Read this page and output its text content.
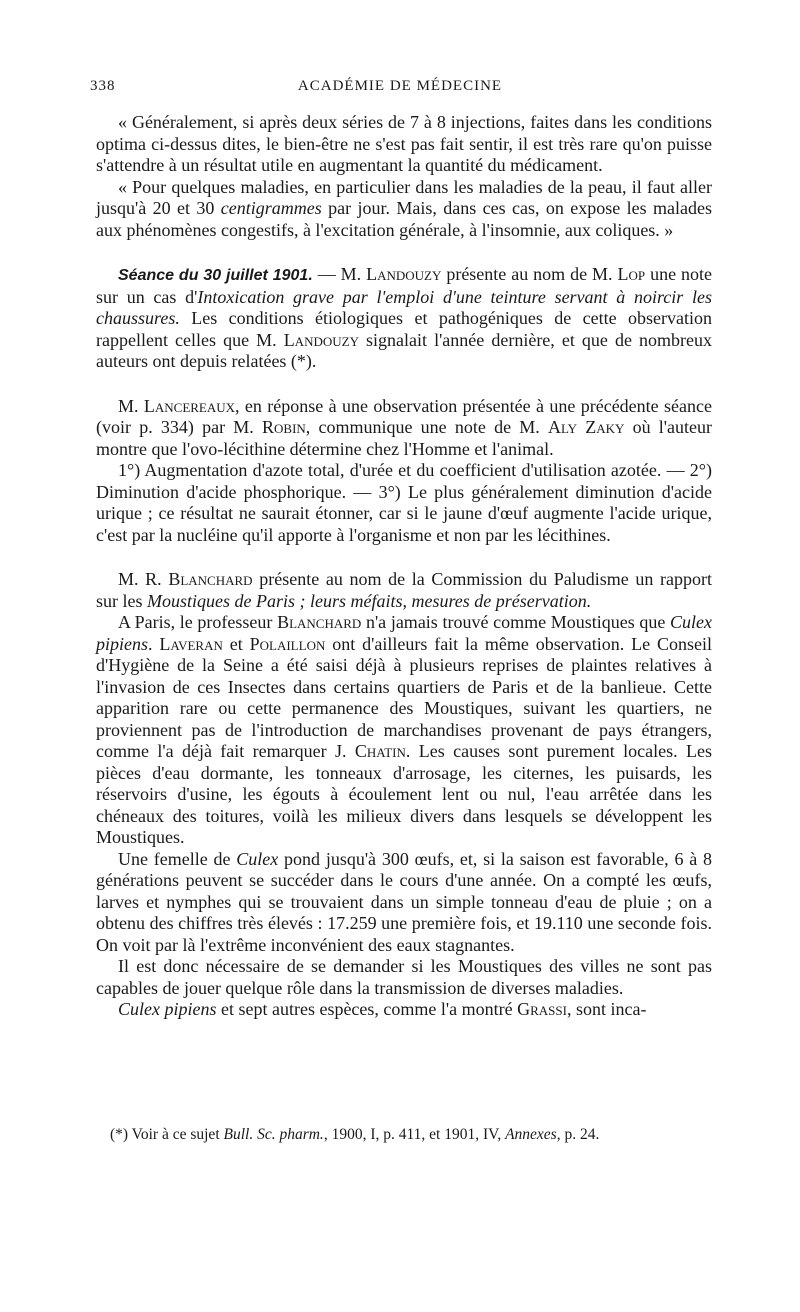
338	ACADÉMIE DE MÉDECINE

« Généralement, si après deux séries de 7 à 8 injections, faites dans les conditions optima ci-dessus dites, le bien-être ne s'est pas fait sentir, il est très rare qu'on puisse s'attendre à un résultat utile en augmentant la quantité du médicament.

« Pour quelques maladies, en particulier dans les maladies de la peau, il faut aller jusqu'à 20 et 30 centigrammes par jour. Mais, dans ces cas, on expose les malades aux phénomènes congestifs, à l'excitation générale, à l'insomnie, aux coliques. »

Séance du 30 juillet 1901. — M. Landouzy présente au nom de M. Lop une note sur un cas d'Intoxication grave par l'emploi d'une teinture servant à noircir les chaussures. Les conditions étiologiques et pathogéniques de cette observation rappellent celles que M. Landouzy signalait l'année dernière, et que de nombreux auteurs ont depuis relatées (*).

M. Lancereaux, en réponse à une observation présentée à une précédente séance (voir p. 334) par M. Robin, communique une note de M. Aly Zaky où l'auteur montre que l'ovo-lécithine détermine chez l'Homme et l'animal.

1°) Augmentation d'azote total, d'urée et du coefficient d'utilisation azotée. — 2°) Diminution d'acide phosphorique. — 3°) Le plus généralement diminution d'acide urique ; ce résultat ne saurait étonner, car si le jaune d'œuf augmente l'acide urique, c'est par la nucléine qu'il apporte à l'organisme et non par les lécithines.

M. R. Blanchard présente au nom de la Commission du Paludisme un rapport sur les Moustiques de Paris ; leurs méfaits, mesures de préservation.

A Paris, le professeur Blanchard n'a jamais trouvé comme Moustiques que Culex pipiens. Laveran et Polaillon ont d'ailleurs fait la même observation. Le Conseil d'Hygiène de la Seine a été saisi déjà à plusieurs reprises de plaintes relatives à l'invasion de ces Insectes dans certains quartiers de Paris et de la banlieue. Cette apparition rare ou cette permanence des Moustiques, suivant les quartiers, ne proviennent pas de l'introduction de marchandises provenant de pays étrangers, comme l'a déjà fait remarquer J. Chatin. Les causes sont purement locales. Les pièces d'eau dormante, les tonneaux d'arrosage, les citernes, les puisards, les réservoirs d'usine, les égouts à écoulement lent ou nul, l'eau arrêtée dans les chéneaux des toitures, voilà les milieux divers dans lesquels se développent les Moustiques.

Une femelle de Culex pond jusqu'à 300 œufs, et, si la saison est favorable, 6 à 8 générations peuvent se succéder dans le cours d'une année. On a compté les œufs, larves et nymphes qui se trouvaient dans un simple tonneau d'eau de pluie ; on a obtenu des chiffres très élevés : 17.259 une première fois, et 19.110 une seconde fois. On voit par là l'extrême inconvénient des eaux stagnantes.

Il est donc nécessaire de se demander si les Moustiques des villes ne sont pas capables de jouer quelque rôle dans la transmission de diverses maladies.

Culex pipiens et sept autres espèces, comme l'a montré Grassi, sont inca-

(*) Voir à ce sujet Bull. Sc. pharm., 1900, I, p. 411, et 1901, IV, Annexes, p. 24.
